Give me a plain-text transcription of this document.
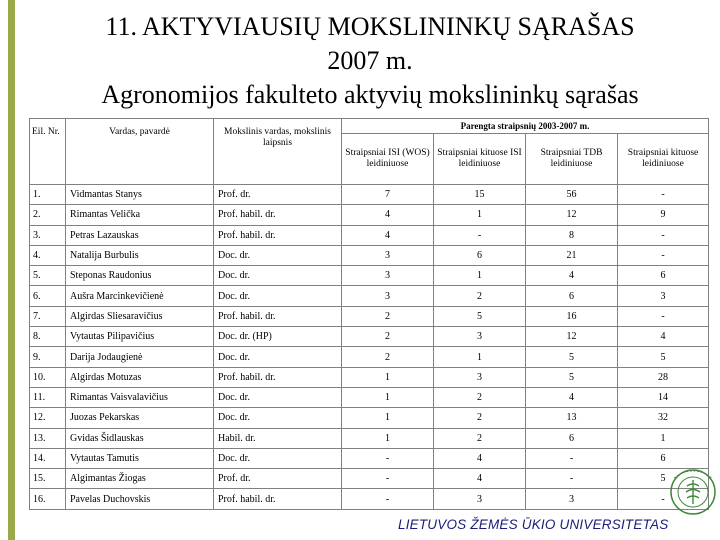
11. AKTYVIAUSIŲ MOKSLININKŲ SĄRAŠAS
2007 m.
Agronomijos fakulteto aktyvių mokslininkų sąrašas
Eil. Nr.	Vardas, pavardė	Mokslinis vardas, mokslinis laipsnis	Parengta straipsnių 2003-2007 m.			
			Straipsniai ISI (WOS) leidiniuose	Straipsniai kituose ISI leidiniuose	Straipsniai TDB leidiniuose	Straipsniai kituose leidiniuose
1.	Vidmantas Stanys	Prof. dr.	7	15	56	-
2.	Rimantas Velička	Prof. habil. dr.	4	1	12	9
3.	Petras Lazauskas	Prof. habil. dr.	4	-	8	-
4.	Natalija Burbulis	Doc. dr.	3	6	21	-
5.	Steponas Raudonius	Doc. dr.	3	1	4	6
6.	Aušra Marcinkevičienė	Doc. dr.	3	2	6	3
7.	Algirdas Sliesaravičius	Prof. habil. dr.	2	5	16	-
8.	Vytautas Pilipavičius	Doc. dr. (HP)	2	3	12	4
9.	Darija Jodaugienė	Doc. dr.	2	1	5	5
10.	Algirdas Motuzas	Prof. habil. dr.	1	3	5	28
11.	Rimantas Vaisvalavičius	Doc. dr.	1	2	4	14
12.	Juozas Pekarskas	Doc. dr.	1	2	13	32
13.	Gvidas Šidlauskas	Habil. dr.	1	2	6	1
14.	Vytautas Tamutis	Doc. dr.	-	4	-	6
15.	Algimantas Žiogas	Prof. dr.	-	4	-	5
16.	Pavelas Duchovskis	Prof. habil. dr.	-	3	3	-
LIETUVOS ŽEMĖS ŪKIO UNIVERSITETAS
